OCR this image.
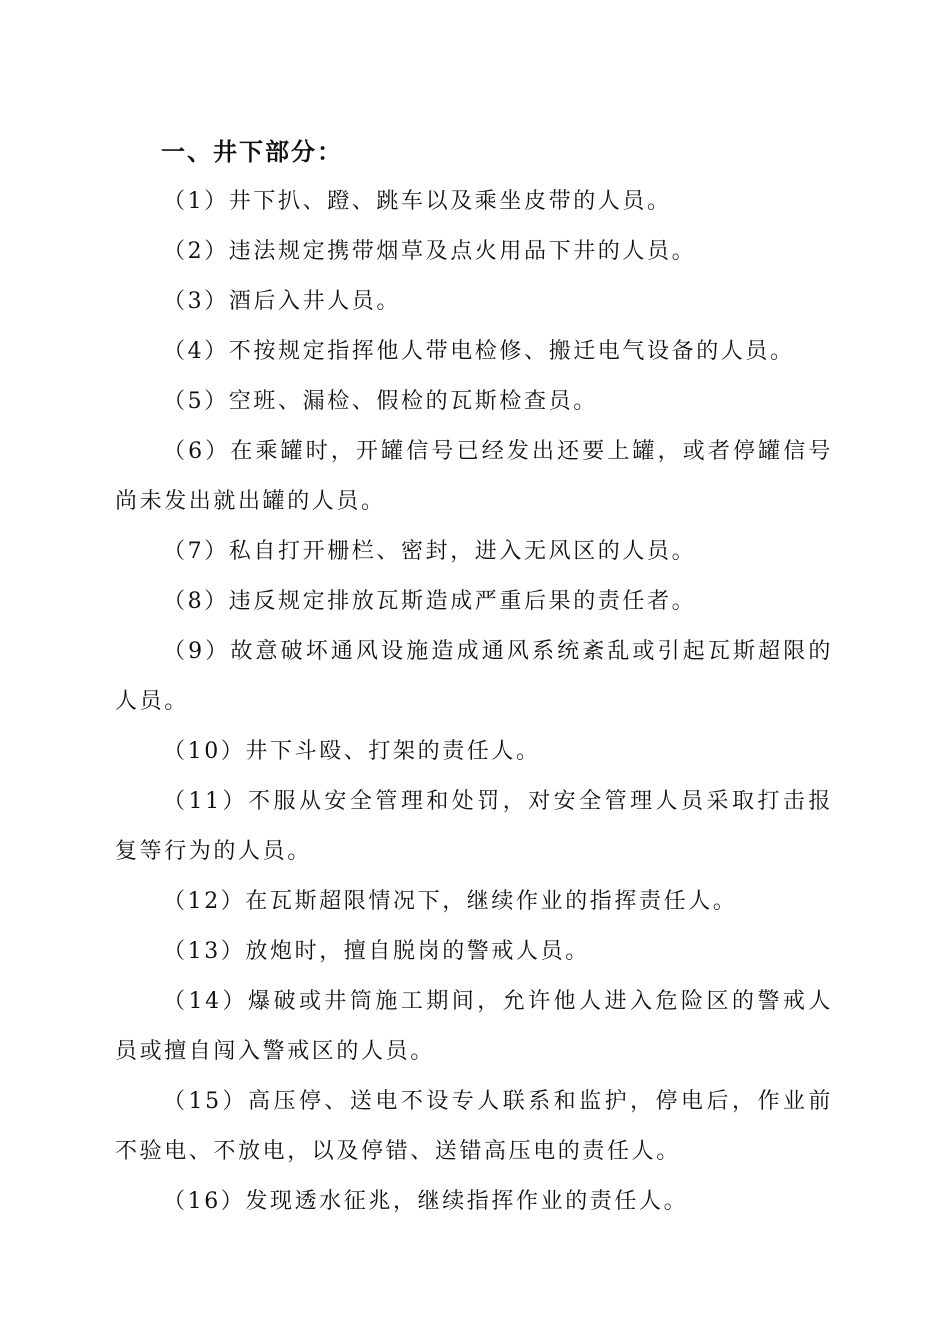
一、井下部分：

（1）井下扒、蹬、跳车以及乘坐皮带的人员。

（2）违法规定携带烟草及点火用品下井的人员。

（3）酒后入井人员。

（4）不按规定指挥他人带电检修、搬迁电气设备的人员。

（5）空班、漏检、假检的瓦斯检查员。

（6）在乘罐时，开罐信号已经发出还要上罐，或者停罐信号尚未发出就出罐的人员。

（7）私自打开栅栏、密封，进入无风区的人员。

（8）违反规定排放瓦斯造成严重后果的责任者。

（9）故意破坏通风设施造成通风系统紊乱或引起瓦斯超限的人员。

（10）井下斗殴、打架的责任人。

（11）不服从安全管理和处罚，对安全管理人员采取打击报复等行为的人员。

（12）在瓦斯超限情况下，继续作业的指挥责任人。

（13）放炮时，擅自脱岗的警戒人员。

（14）爆破或井筒施工期间，允许他人进入危险区的警戒人员或擅自闯入警戒区的人员。

（15）高压停、送电不设专人联系和监护，停电后，作业前不验电、不放电，以及停错、送错高压电的责任人。

（16）发现透水征兆，继续指挥作业的责任人。
